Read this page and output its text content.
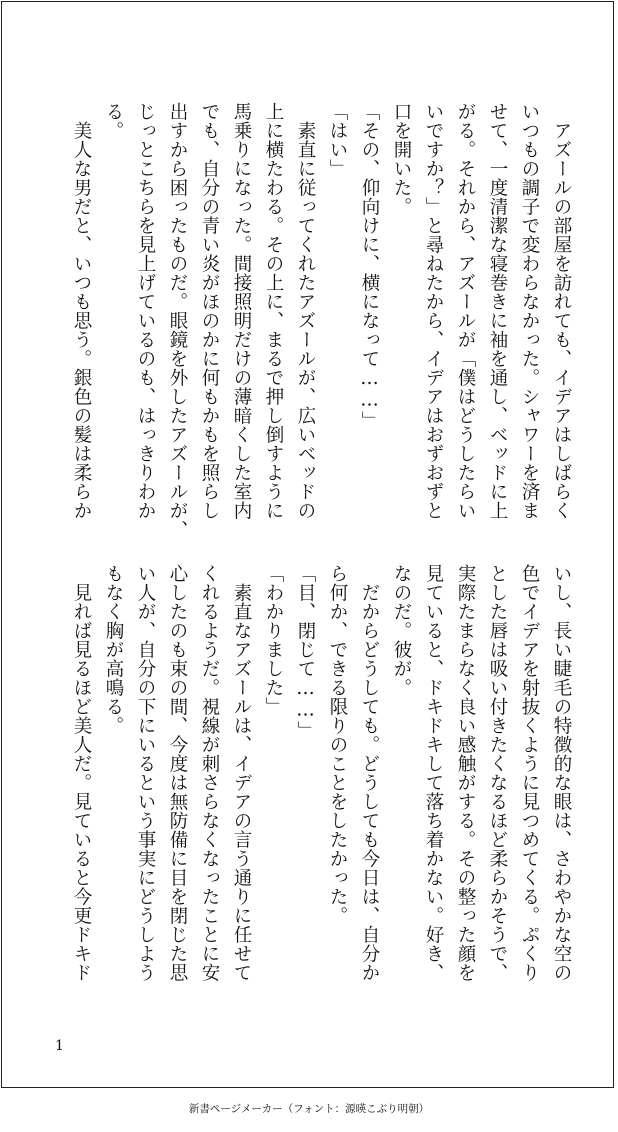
　アズールの部屋を訪れても、イデアはしばらく
いつもの調子で変わらなかった。シャワーを済ま
せて、一度清潔な寝巻きに袖を通し、ベッドに上
がる。それから、アズールが「僕はどうしたらい
いですか？」と尋ねたから、イデアはおずおずと
口を開いた。
「その、仰向けに、横になって……」
「はい」
　素直に従ってくれたアズールが、広いベッドの
上に横たわる。その上に、まるで押し倒すように
馬乗りになった。間接照明だけの薄暗くした室内
でも、自分の青い炎がほのかに何もかもを照らし
出すから困ったものだ。眼鏡を外したアズールが、
じっとこちらを見上げているのも、はっきりわか
る。
　美人な男だと、いつも思う。銀色の髪は柔らか
いし、長い睫毛の特徴的な眼は、さわやかな空の
色でイデアを射抜くように見つめてくる。ぷくり
とした唇は吸い付きたくなるほど柔らかそうで、
実際たまらなく良い感触がする。その整った顔を
見ていると、ドキドキして落ち着かない。好き、
なのだ。彼が。
　だからどうしても。どうしても今日は、自分か
ら何か、できる限りのことをしたかった。
「目、閉じて……」
「わかりました」
　素直なアズールは、イデアの言う通りに任せて
くれるようだ。視線が刺さらなくなったことに安
心したのも束の間、今度は無防備に目を閉じた思
い人が、自分の下にいるという事実にどうしよう
もなく胸が高鳴る。
　見れば見るほど美人だ。見ていると今更ドキド
1
新書ページメーカー（フォント：源暎こぶり明朝）
